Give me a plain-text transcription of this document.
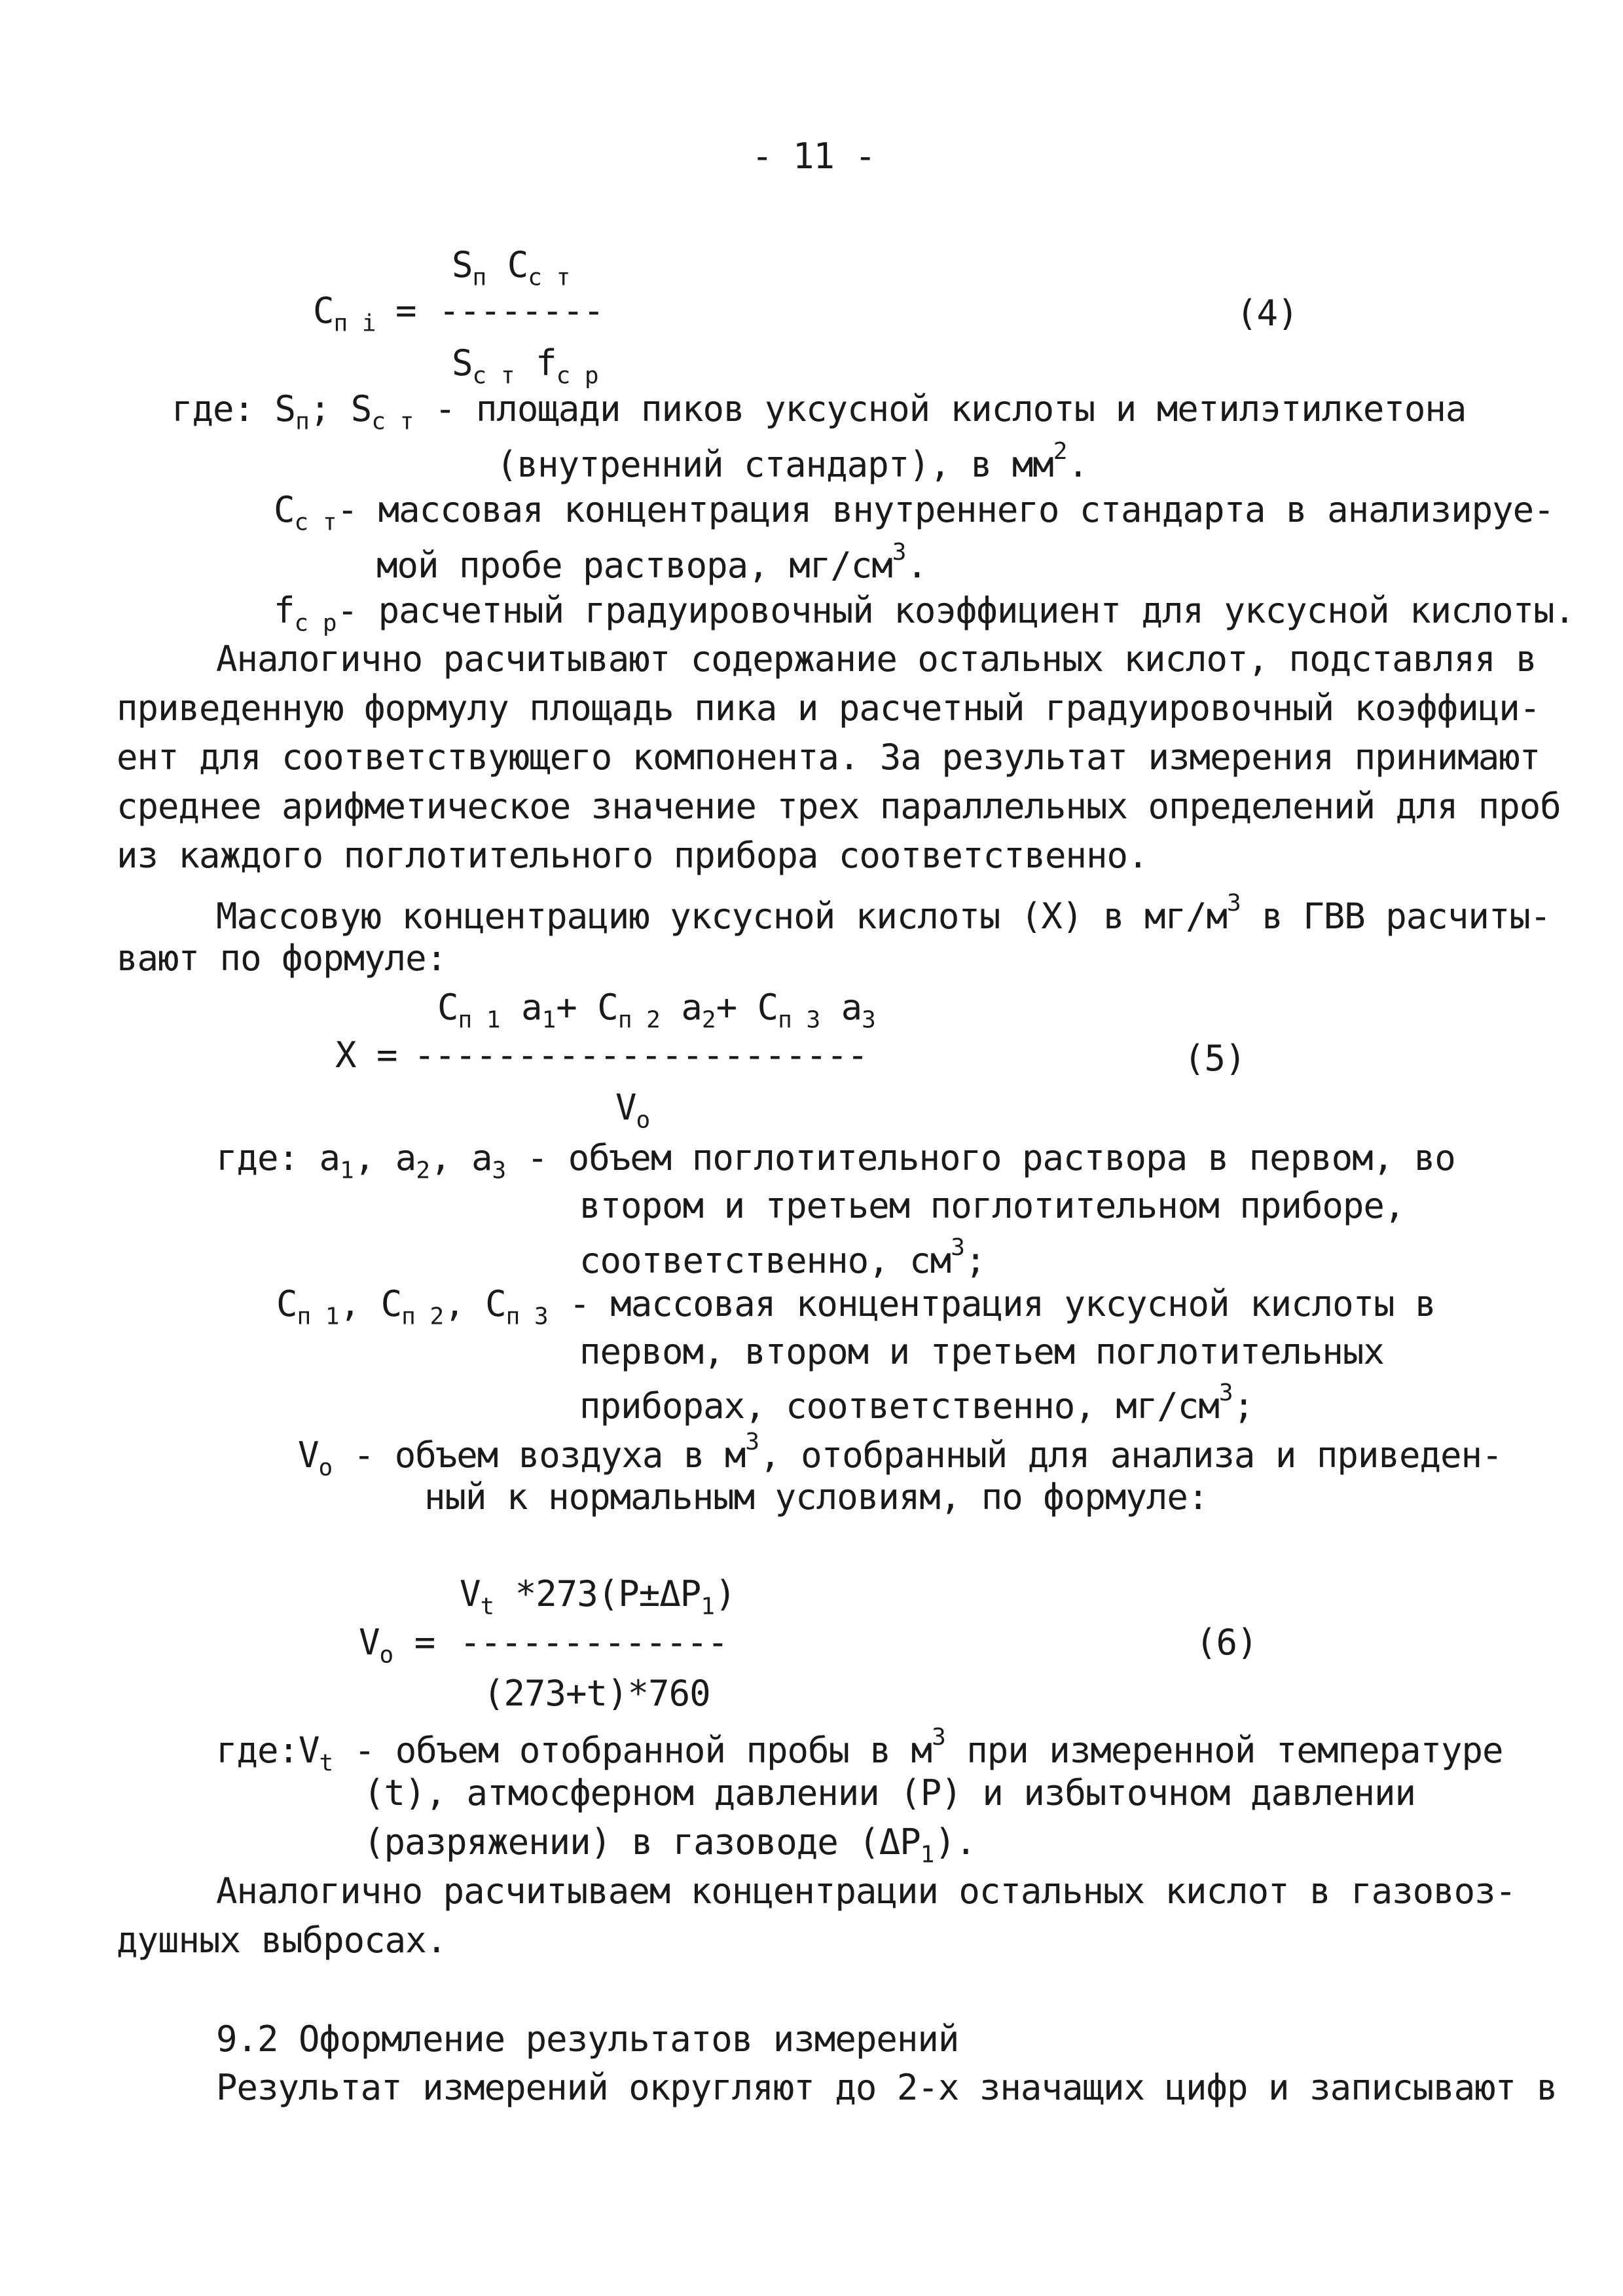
- 11 -
$S_п$ $C_{с т}$
$C_{п i}$ = --------	(4)
$S_{с т}$ $f_{с р}$
где: $S_п$; $S_{с т}$ - площади пиков уксусной кислоты и метилэтилкетона
(внутренний стандарт), в $мм^2$.
$C_{с т}-$ массовая концентрация внутреннего стандарта в анализируе-
мой пробе раствора, $мг/см^3$.
$f_{с р}-$ расчетный градуировочный коэффициент для уксусной кислоты.
Аналогично расчитывают содержание остальных кислот, подставляя в
приведенную формулу площадь пика и расчетный градуировочный коэффици-
ент для соответствующего компонента. За результат измерения принимают
среднее арифметическое значение трех параллельных определений для проб
из каждого поглотительного прибора соответственно.
Массовую концентрацию уксусной кислоты (X) в $мг/м^3$ в ГВВ расчиты-
вают по формуле:
$C_{п 1}$ $a_1+ C_{п 2}$ $a_2+ C_{п 3}$ $a_3$
X = ----------------------	(5)
$V_о$
где: $a_1$, $a_2$, $a_3$ - объем поглотительного раствора в первом, во
втором и третьем поглотительном приборе,
соответственно, $см^3$;
$C_{п 1}$, $C_{п 2}$, $C_{п 3}$ - массовая концентрация уксусной кислоты в
первом, втором и третьем поглотительных
приборах, соответственно, $мг/см^3$;
$V_о$ - объем воздуха в $м^3$, отобранный для анализа и приведен-
ный к нормальным условиям, по формуле:
$V_t$ $*273(P\pm\Delta P_1)$
$V_о$ = -------------	(6)
(273+t)*760
$где:V_t$ - объем отобранной пробы в $м^3$ при измеренной температуре
(t), атмосферном давлении (P) и избыточном давлении
(разряжении) в газоводе $(\Delta P_1)$.
Аналогично расчитываем концентрации остальных кислот в газовоз-
душных выбросах.
9.2 Оформление результатов измерений
Результат измерений округляют до 2-х значащих цифр и записывают в
